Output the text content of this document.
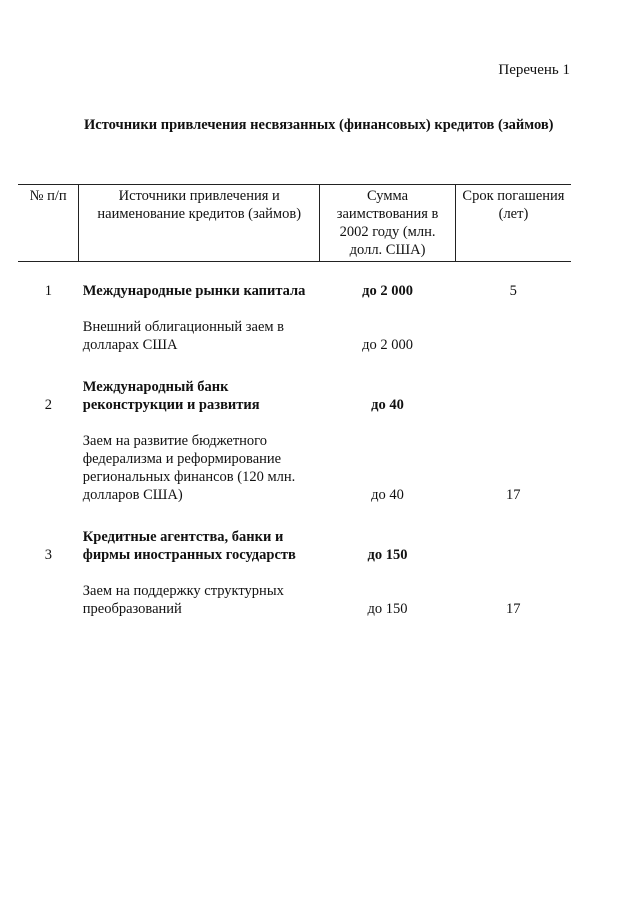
Перечень 1
Источники привлечения несвязанных (финансовых) кредитов (займов)
№ п/п	Источники привлечения и наименование кредитов (займов)	Сумма заимствования в 2002 году (млн. долл. США)	Срок погашения (лет)
1	Международные рынки капитала	до 2 000	5
	Внешний облигационный заем в долларах США	до 2 000	
2	Международный банк реконструкции и развития	до 40	
	Заем на развитие бюджетного федерализма и реформирование региональных финансов (120 млн. долларов США)	до 40	17
3	Кредитные агентства, банки и фирмы иностранных государств	до 150	
	Заем на поддержку структурных преобразований	до 150	17
